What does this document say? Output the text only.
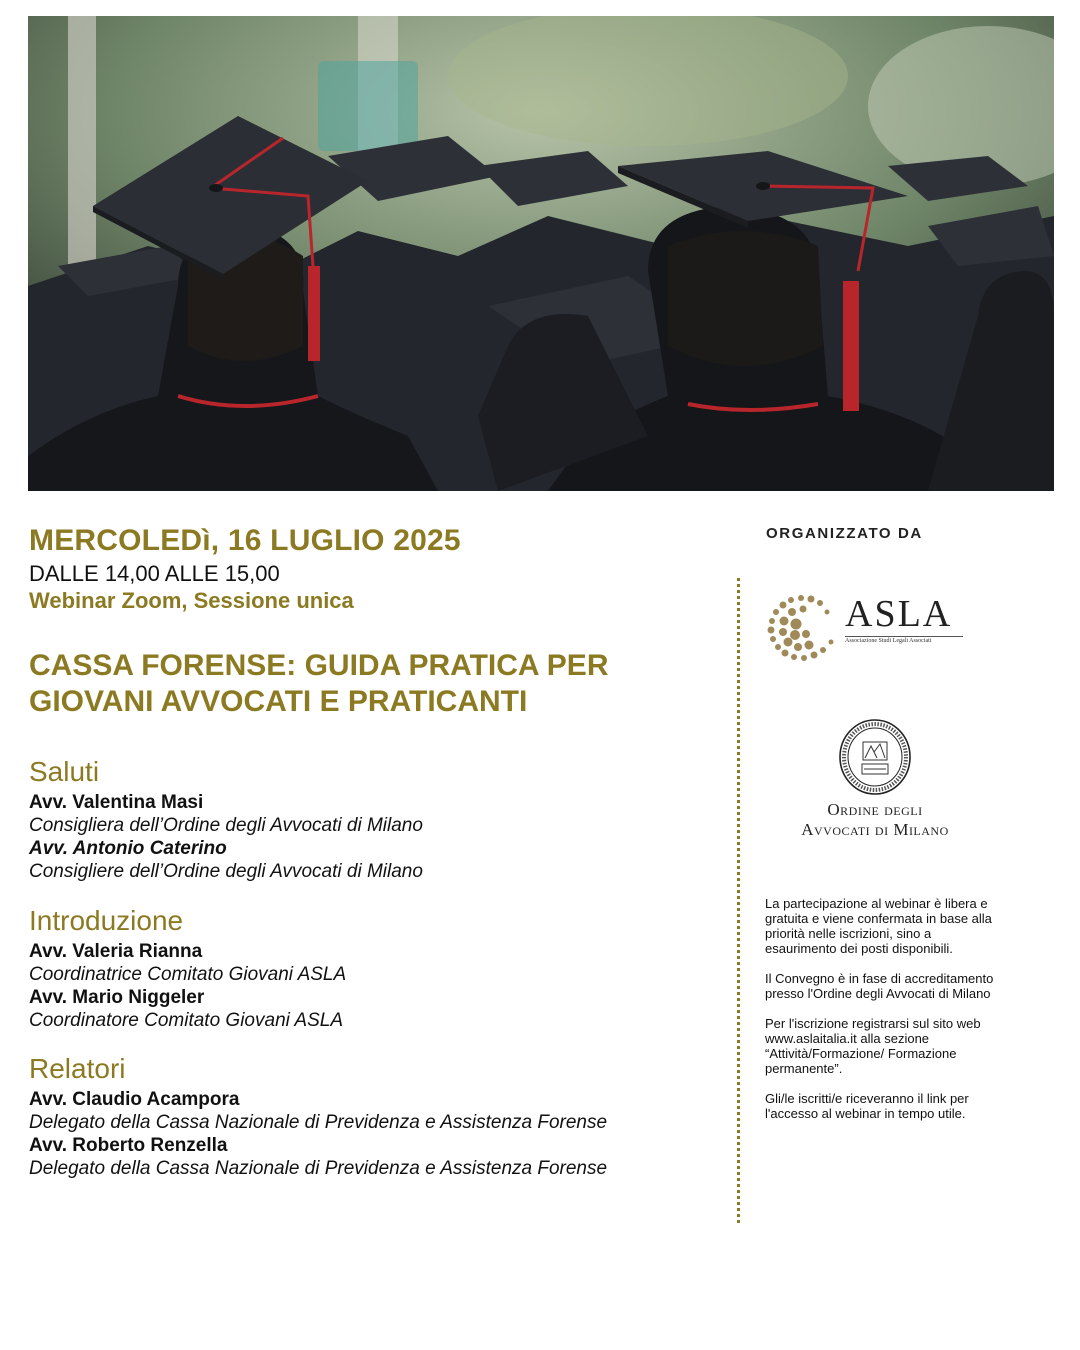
MERCOLEDì, 16 LUGLIO 2025
DALLE 14,00 ALLE 15,00
Webinar Zoom, Sessione unica
CASSA FORENSE: GUIDA PRATICA PER
GIOVANI AVVOCATI E PRATICANTI
Saluti
Avv. Valentina Masi
Consigliera dell’Ordine degli Avvocati di Milano
Avv. Antonio Caterino
Consigliere dell’Ordine degli Avvocati di Milano
Introduzione
Avv. Valeria Rianna
Coordinatrice Comitato Giovani ASLA
Avv. Mario Niggeler
Coordinatore Comitato Giovani ASLA
Relatori
Avv. Claudio Acampora
Delegato della Cassa Nazionale di Previdenza e Assistenza Forense
Avv. Roberto Renzella
Delegato della Cassa Nazionale di Previdenza e Assistenza Forense
ORGANIZZATO DA
ASLA
Associazione Studi Legali Associati
Ordine degli
Avvocati di Milano

La partecipazione al webinar è libera e gratuita e viene confermata in base alla priorità nelle iscrizioni, sino a esaurimento dei posti disponibili.

Il Convegno è in fase di accreditamento presso l'Ordine degli Avvocati di Milano

Per l'iscrizione registrarsi sul sito web www.aslaitalia.it alla sezione “Attività/Formazione/ Formazione permanente”.

Gli/le iscritti/e riceveranno il link per l'accesso al webinar in tempo utile.
